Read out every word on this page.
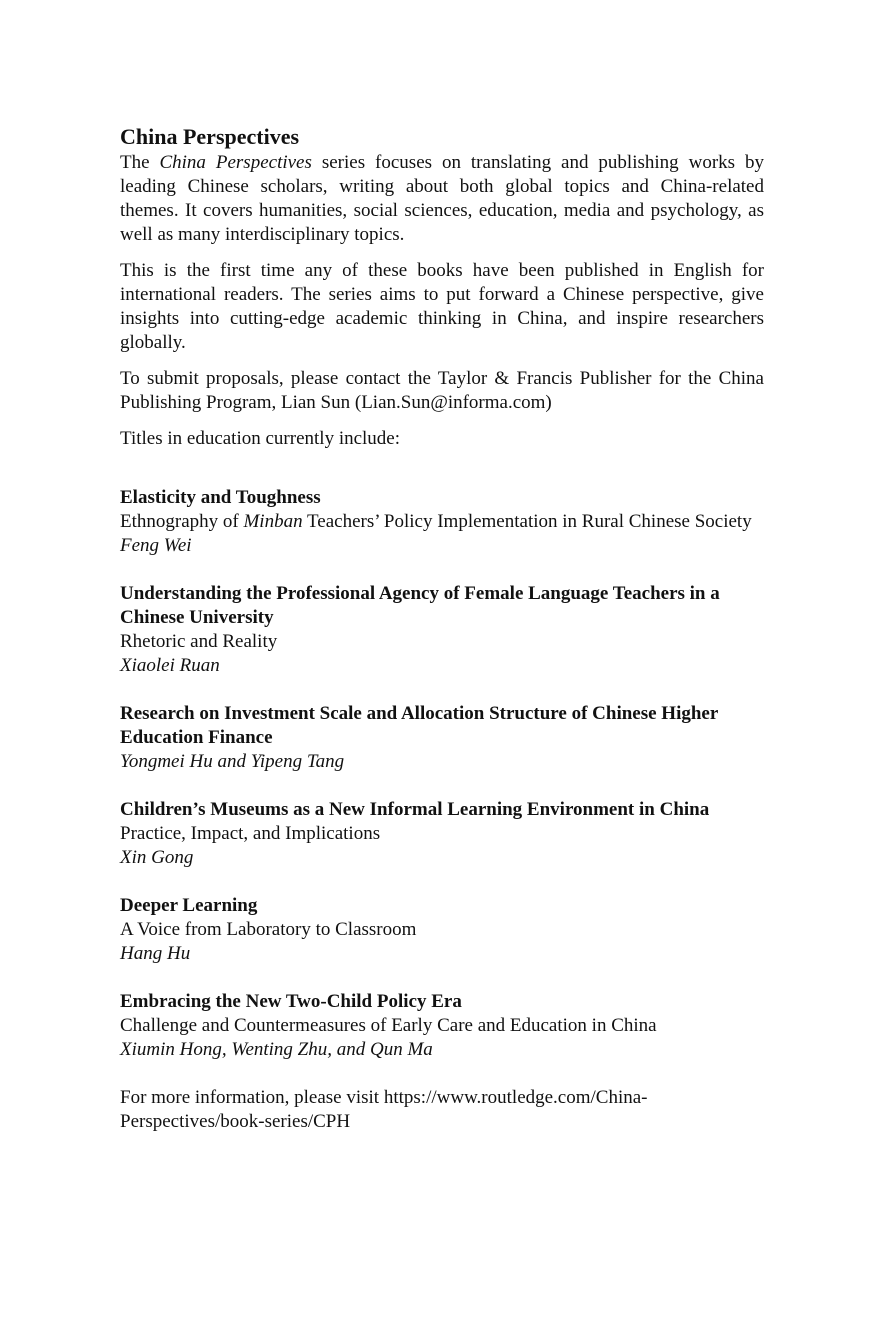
China Perspectives

The China Perspectives series focuses on translating and publishing works by leading Chinese scholars, writing about both global topics and China-related themes. It covers humanities, social sciences, education, media and psychology, as well as many interdisciplinary topics.

This is the first time any of these books have been published in English for international readers. The series aims to put forward a Chinese perspective, give insights into cutting-edge academic thinking in China, and inspire researchers globally.

To submit proposals, please contact the Taylor & Francis Publisher for the China Publishing Program, Lian Sun (Lian.Sun@informa.com)

Titles in education currently include:

Elasticity and Toughness
Ethnography of Minban Teachers’ Policy Implementation in Rural Chinese Society
Feng Wei
Understanding the Professional Agency of Female Language Teachers in a Chinese University
Rhetoric and Reality
Xiaolei Ruan
Research on Investment Scale and Allocation Structure of Chinese Higher Education Finance
Yongmei Hu and Yipeng Tang
Children’s Museums as a New Informal Learning Environment in China
Practice, Impact, and Implications
Xin Gong
Deeper Learning
A Voice from Laboratory to Classroom
Hang Hu
Embracing the New Two-Child Policy Era
Challenge and Countermeasures of Early Care and Education in China
Xiumin Hong, Wenting Zhu, and Qun Ma

For more information, please visit https://www.routledge.com/China-Perspectives/book-series/CPH
